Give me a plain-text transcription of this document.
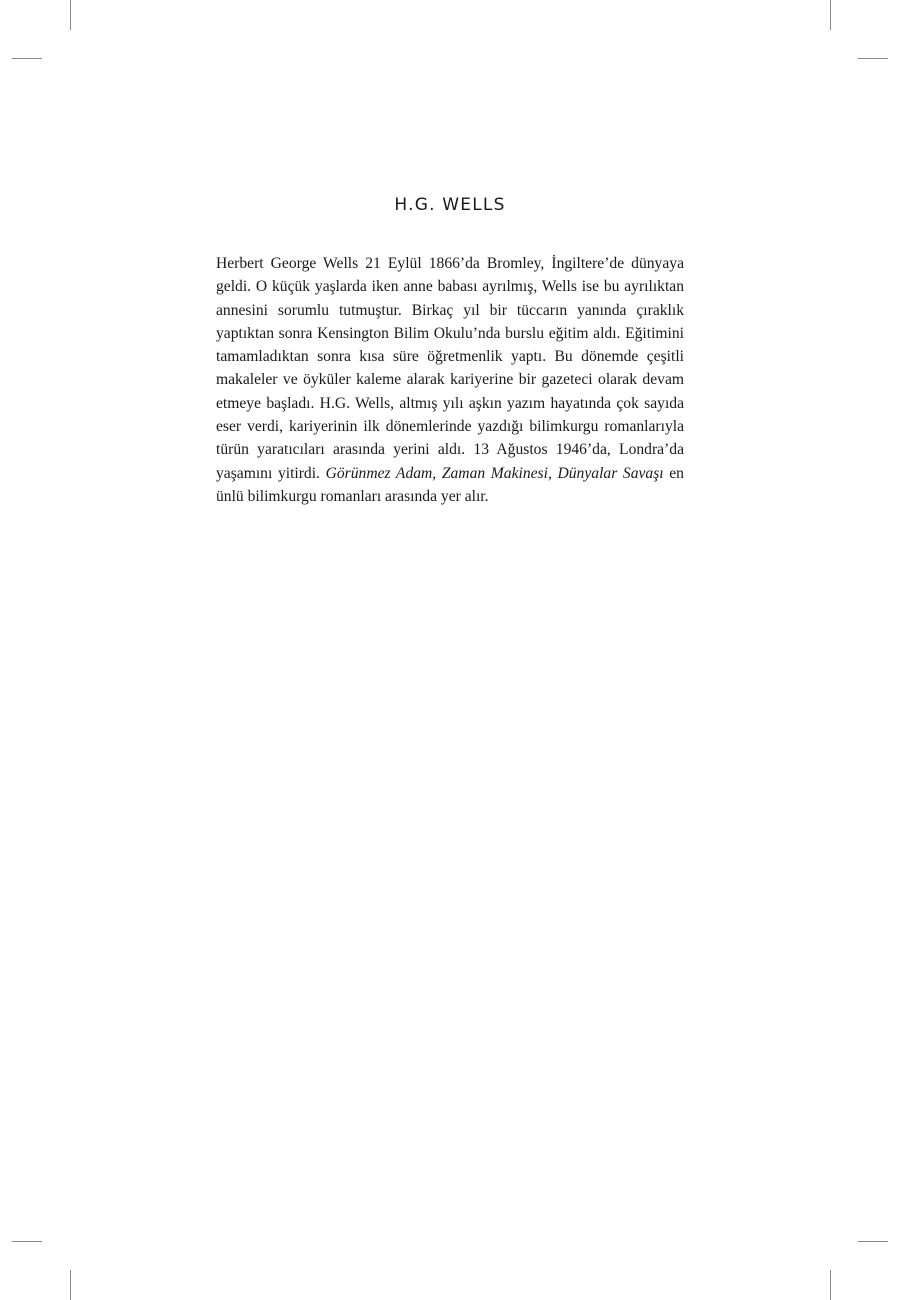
H.G. WELLS

Herbert George Wells 21 Eylül 1866’da Bromley, İngiltere’de dünyaya geldi. O küçük yaşlarda iken anne babası ayrılmış, Wells ise bu ayrılıktan annesini sorumlu tutmuştur. Birkaç yıl bir tüccarın yanında çıraklık yaptıktan sonra Kensington Bilim Okulu’nda burslu eğitim aldı. Eğitimini tamamladıktan sonra kısa süre öğretmenlik yaptı. Bu dönemde çeşitli makaleler ve öyküler kaleme alarak kariyerine bir gazeteci olarak devam etmeye başladı. H.G. Wells, altmış yılı aşkın yazım hayatında çok sayıda eser verdi, kariyerinin ilk dönemlerinde yazdığı bilimkurgu romanlarıyla türün yaratıcıları arasında yerini aldı. 13 Ağustos 1946’da, Londra’da yaşamını yitirdi. Görünmez Adam, Zaman Makinesi, Dünyalar Savaşı en ünlü bilimkurgu romanları arasında yer alır.
